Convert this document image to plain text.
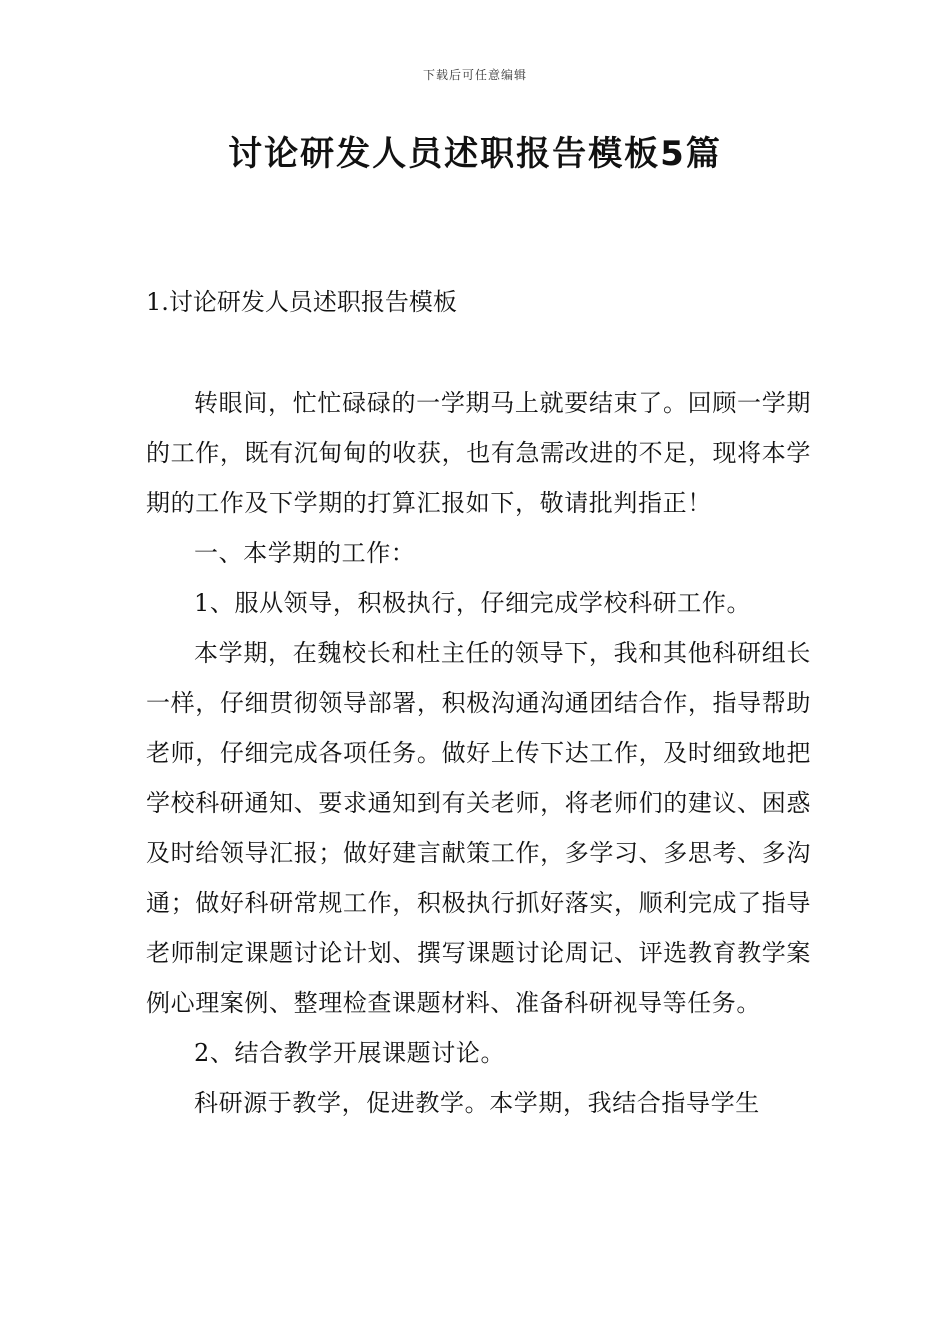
下载后可任意编辑
讨论研发人员述职报告模板5篇
1.讨论研发人员述职报告模板

转眼间，忙忙碌碌的一学期马上就要结束了。回顾一学期的工作，既有沉甸甸的收获，也有急需改进的不足，现将本学期的工作及下学期的打算汇报如下，敬请批判指正！

一、本学期的工作：

1、服从领导，积极执行，仔细完成学校科研工作。

本学期，在魏校长和杜主任的领导下，我和其他科研组长一样，仔细贯彻领导部署，积极沟通沟通团结合作，指导帮助老师，仔细完成各项任务。做好上传下达工作，及时细致地把学校科研通知、要求通知到有关老师，将老师们的建议、困惑及时给领导汇报；做好建言献策工作，多学习、多思考、多沟通；做好科研常规工作，积极执行抓好落实，顺利完成了指导老师制定课题讨论计划、撰写课题讨论周记、评选教育教学案例心理案例、整理检查课题材料、准备科研视导等任务。

2、结合教学开展课题讨论。

科研源于教学，促进教学。本学期，我结合指导学生
